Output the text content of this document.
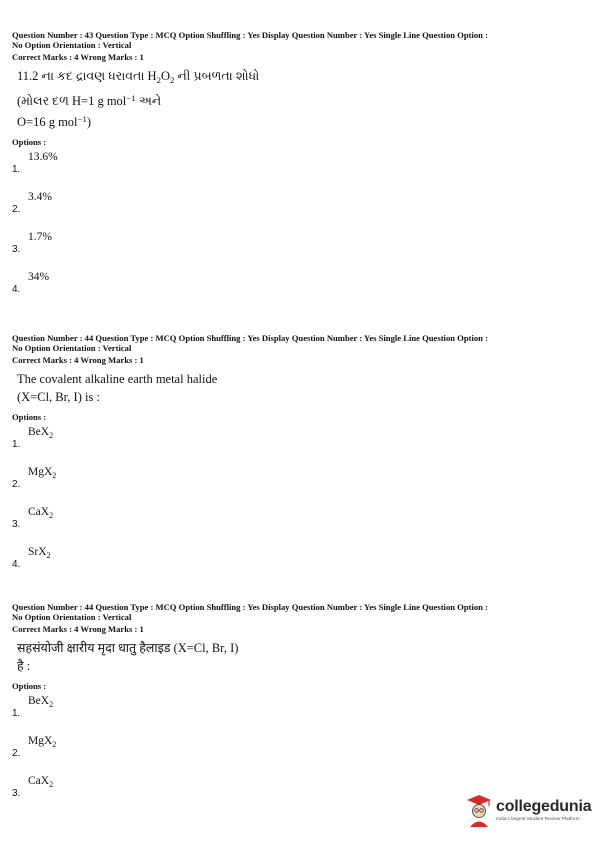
Question Number : 43 Question Type : MCQ Option Shuffling : Yes Display Question Number : Yes Single Line Question Option :
No Option Orientation : Vertical
Correct Marks : 4 Wrong Marks : 1
11.2 ના કદ દ્રાવણ ધરાવતા $H_2O_2$ ની પ્રબળતા શોધો
(મોલર દળ H=1 g mol$^{-1}$ અને
O=16 g mol$^{-1}$)
Options :
1.
13.6%
2.
3.4%
3.
1.7%
4.
34%
Question Number : 44 Question Type : MCQ Option Shuffling : Yes Display Question Number : Yes Single Line Question Option :
No Option Orientation : Vertical
Correct Marks : 4 Wrong Marks : 1
The covalent alkaline earth metal halide
(X=Cl, Br, I) is :
Options :
1.
BeX$_2$
2.
MgX$_2$
3.
CaX$_2$
4.
SrX$_2$
Question Number : 44 Question Type : MCQ Option Shuffling : Yes Display Question Number : Yes Single Line Question Option :
No Option Orientation : Vertical
Correct Marks : 4 Wrong Marks : 1
सहसंयोजी क्षारीय मृदा धातु हैलाइड (X=Cl, Br, I)
है :
Options :
1.
BeX$_2$
2.
MgX$_2$
3.
CaX$_2$
collegedunia
India's largest Student Review Platform
